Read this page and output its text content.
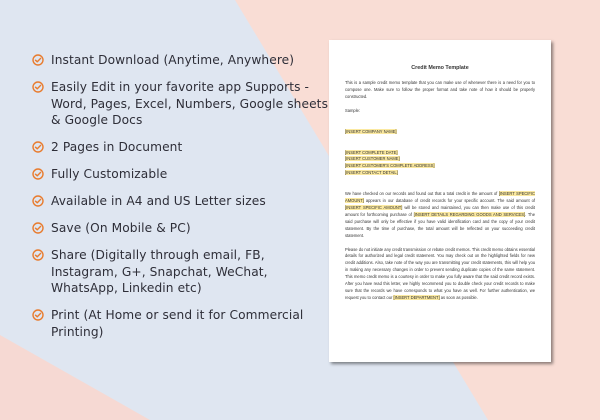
Instant Download (Anytime, Anywhere)
Easily Edit in your favorite app Supports - Word, Pages, Excel, Numbers, Google sheets & Google Docs
2 Pages in Document
Fully Customizable
Available in A4 and US Letter sizes
Save (On Mobile & PC)
Share (Digitally through email, FB, Instagram, G+, Snapchat, WeChat, WhatsApp, Linkedin etc)
Print (At Home or send it for Commercial Printing)
Credit Memo Template

This is a sample credit memo template that you can make use of whenever there is a need for you to compose one. Make sure to follow the proper format and take note of how it should be properly constructed.

Sample:

[INSERT COMPANY NAME]

[INSERT COMPLETE DATE]

[INSERT CUSTOMER NAME]

[INSERT CUSTOMER'S COMPLETE ADDRESS]

[INSERT CONTACT DETAIL]

We have checked on our records and found out that a total credit in the amount of [INSERT SPECIFIC AMOUNT] appears in our database of credit records for your specific account. The said amount of [INSERT SPECIFIC AMOUNT] will be stored and maintained, you can then make use of this credit amount for forthcoming purchase of [INSERT DETAILS REGARDING GOODS AND SERVICES]. The said purchase will only be effective if you have valid identification card and the copy of your credit statement. By the time of purchase, the total amount will be reflected on your succeeding credit statement.

Please do not initiate any credit transmission or rebate credit memos. This credit memo obtains essential details for authorized and legal credit statement. You may check out on the highlighted fields for new credit additions. Also, take note of the way you are transmitting your credit statements, this will help you in making any necessary changes in order to prevent sending duplicate copies of the same statement. This memo credit memo is a courtesy in order to make you fully aware that the said credit record exists. After you have read this letter, we highly recommend you to double check your credit records to make sure that the records we have corresponds to what you have as well. For further authentication, we request you to contact our [INSERT DEPARTMENT] as soon as possible.
